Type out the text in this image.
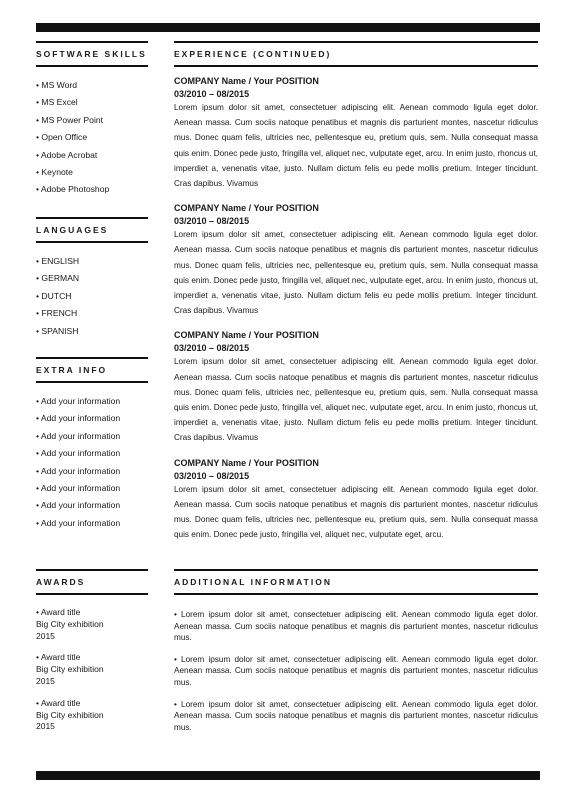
SOFTWARE SKILLS
• MS Word
• MS Excel
• MS Power Point
• Open Office
• Adobe Acrobat
• Keynote
• Adobe Photoshop
LANGUAGES
• ENGLISH
• GERMAN
• DUTCH
• FRENCH
• SPANISH
EXTRA INFO
• Add your information
• Add your information
• Add your information
• Add your information
• Add your information
• Add your information
• Add your information
• Add your information
AWARDS
• Award title
Big City exhibition
2015
• Award title
Big City exhibition
2015
• Award title
Big City exhibition
2015
EXPERIENCE (CONTINUED)
COMPANY Name / Your POSITION
03/2010 – 08/2015
Lorem ipsum dolor sit amet, consectetuer adipiscing elit. Aenean commodo ligula eget dolor. Aenean massa. Cum sociis natoque penatibus et magnis dis parturient montes, nascetur ridiculus mus. Donec quam felis, ultricies nec, pellentesque eu, pretium quis, sem. Nulla consequat massa quis enim. Donec pede justo, fringilla vel, aliquet nec, vulputate eget, arcu. In enim justo, rhoncus ut, imperdiet a, venenatis vitae, justo. Nullam dictum felis eu pede mollis pretium. Integer tincidunt. Cras dapibus. Vivamus
COMPANY Name / Your POSITION
03/2010 – 08/2015
Lorem ipsum dolor sit amet, consectetuer adipiscing elit. Aenean commodo ligula eget dolor. Aenean massa. Cum sociis natoque penatibus et magnis dis parturient montes, nascetur ridiculus mus. Donec quam felis, ultricies nec, pellentesque eu, pretium quis, sem. Nulla consequat massa quis enim. Donec pede justo, fringilla vel, aliquet nec, vulputate eget, arcu. In enim justo, rhoncus ut, imperdiet a, venenatis vitae, justo. Nullam dictum felis eu pede mollis pretium. Integer tincidunt. Cras dapibus. Vivamus
COMPANY Name / Your POSITION
03/2010 – 08/2015
Lorem ipsum dolor sit amet, consectetuer adipiscing elit. Aenean commodo ligula eget dolor. Aenean massa. Cum sociis natoque penatibus et magnis dis parturient montes, nascetur ridiculus mus. Donec quam felis, ultricies nec, pellentesque eu, pretium quis, sem. Nulla consequat massa quis enim. Donec pede justo, fringilla vel, aliquet nec, vulputate eget, arcu. In enim justo, rhoncus ut, imperdiet a, venenatis vitae, justo. Nullam dictum felis eu pede mollis pretium. Integer tincidunt. Cras dapibus. Vivamus
COMPANY Name / Your POSITION
03/2010 – 08/2015
Lorem ipsum dolor sit amet, consectetuer adipiscing elit. Aenean commodo ligula eget dolor. Aenean massa. Cum sociis natoque penatibus et magnis dis parturient montes, nascetur ridiculus mus. Donec quam felis, ultricies nec, pellentesque eu, pretium quis, sem. Nulla consequat massa quis enim. Donec pede justo, fringilla vel, aliquet nec, vulputate eget, arcu.
ADDITIONAL INFORMATION
• Lorem ipsum dolor sit amet, consectetuer adipiscing elit. Aenean commodo ligula eget dolor. Aenean massa. Cum sociis natoque penatibus et magnis dis parturient montes, nascetur ridiculus mus.
• Lorem ipsum dolor sit amet, consectetuer adipiscing elit. Aenean commodo ligula eget dolor. Aenean massa. Cum sociis natoque penatibus et magnis dis parturient montes, nascetur ridiculus mus.
• Lorem ipsum dolor sit amet, consectetuer adipiscing elit. Aenean commodo ligula eget dolor. Aenean massa. Cum sociis natoque penatibus et magnis dis parturient montes, nascetur ridiculus mus.
